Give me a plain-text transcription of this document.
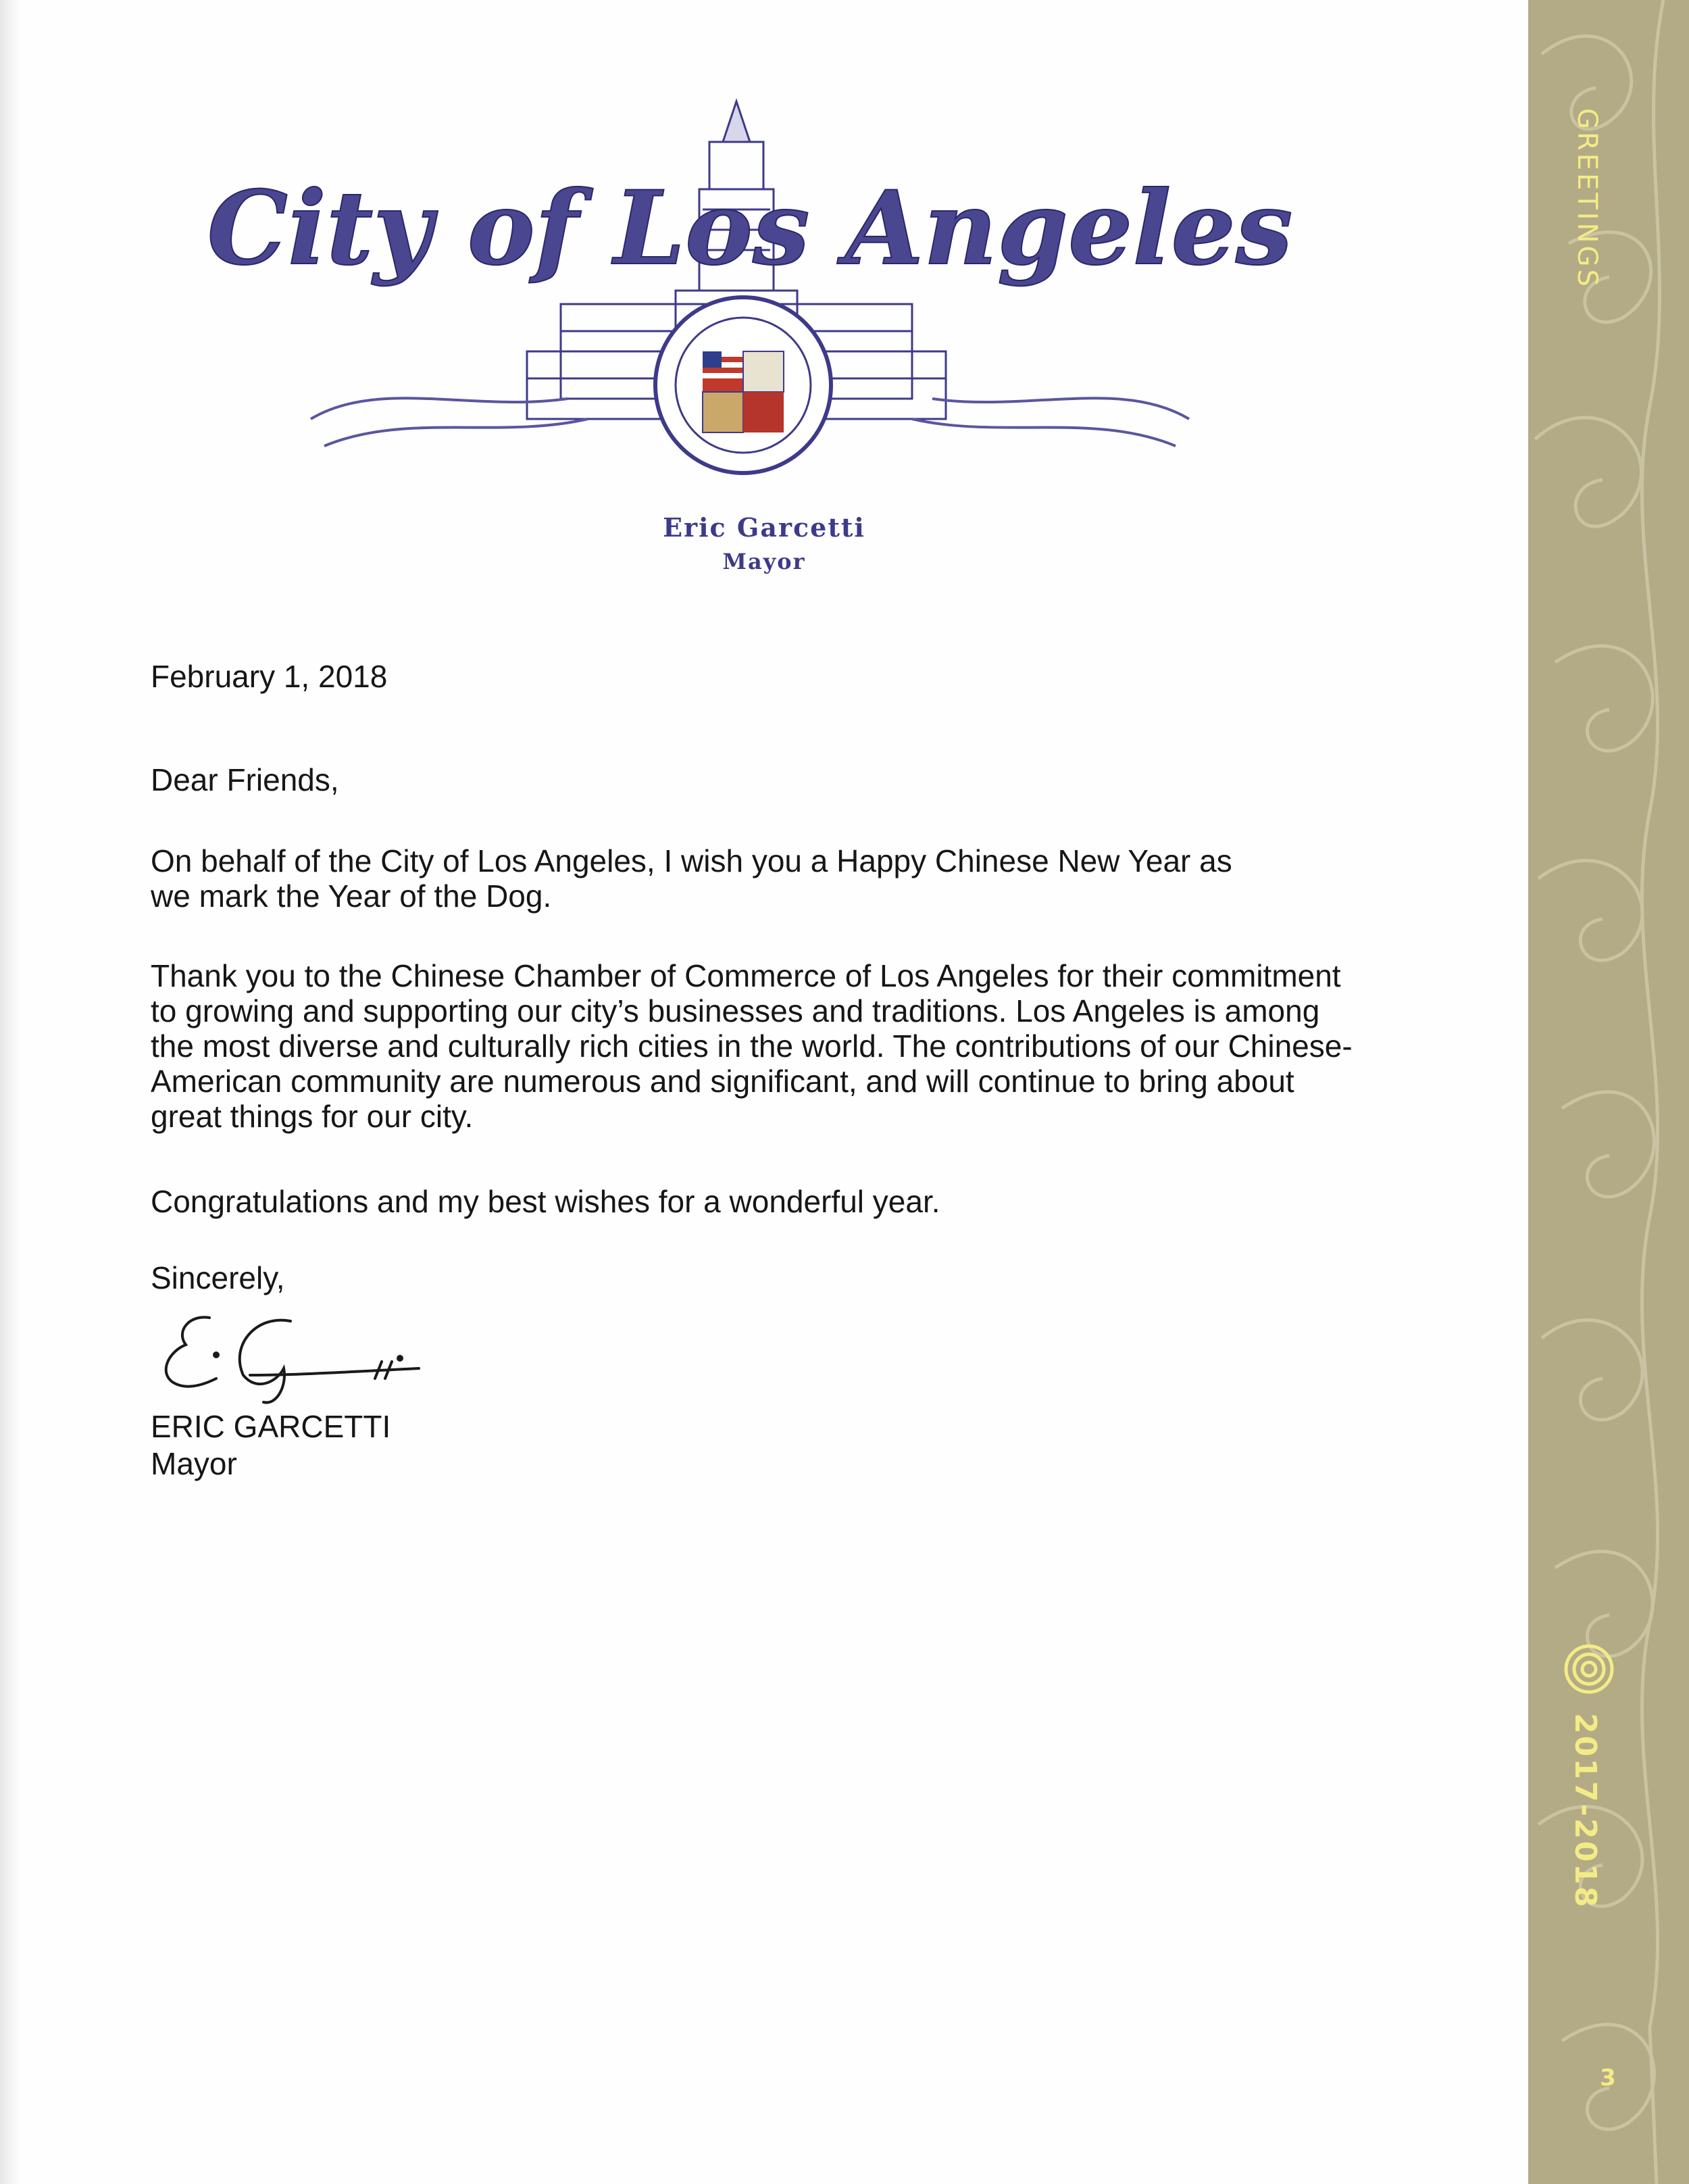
City of Los Angeles
Eric Garcetti
Mayor
February 1, 2018
Dear Friends,
On behalf of the City of Los Angeles, I wish you a Happy Chinese New Year as
we mark the Year of the Dog.
Thank you to the Chinese Chamber of Commerce of Los Angeles for their commitment
to growing and supporting our city’s businesses and traditions. Los Angeles is among
the most diverse and culturally rich cities in the world. The contributions of our Chinese-
American community are numerous and significant, and will continue to bring about
great things for our city.
Congratulations and my best wishes for a wonderful year.
Sincerely,
ERIC GARCETTI
Mayor
GREETINGS
2017-2018
3
